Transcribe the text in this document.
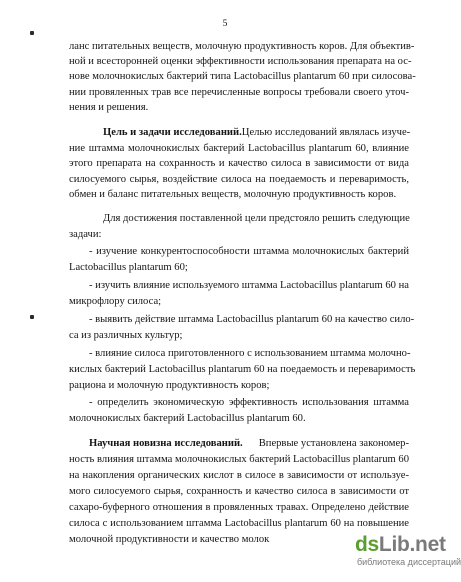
5
ланс питательных веществ, молочную продуктивность коров. Для объектив-
ной и всесторонней оценки эффективности использования препарата на ос-
нове молочнокислых бактерий типа Lactobacillus plantarum 60 при силосова-
нии провяленных трав все перечисленные вопросы требовали своего уточ-
нения и решения.
Цель и задачи исследований. Целью исследований являлась изуче-
ние штамма молочнокислых бактерий Lactobacillus plantarum 60, влияние
этого препарата на сохранность и качество силоса в зависимости от вида
силосуемого сырья, воздействие силоса на поедаемость и переваримость,
обмен и баланс питательных веществ, молочную продуктивность коров.
Для достижения поставленной цели предстояло решить следующие
задачи:
- изучение конкурентоспособности штамма молочнокислых бактерий
Lactobacillus plantarum 60;
- изучить влияние используемого штамма Lactobacillus plantarum 60 на
микрофлору силоса;
- выявить действие штамма Lactobacillus plantarum 60 на качество сило-
са из различных культур;
- влияние силоса приготовленного с использованием штамма молочно-
кислых бактерий Lactobacillus plantarum 60 на поедаемость и переваримость
рациона и молочную продуктивность коров;
- определить экономическую эффективность использования штамма
молочнокислых бактерий Lactobacillus plantarum 60.
Научная новизна исследований. Впервые установлена закономер-
ность влияния штамма молочнокислых бактерий Lactobacillus plantarum 60
на накопления органических кислот в силосе в зависимости от используе-
мого силосуемого сырья, сохранность и качество силоса в зависимости от
сахаро-буферного отношения в провяленных травах. Определено действие
силоса с использованием штамма Lactobacillus plantarum 60 на повышение
молочной продуктивности и качество молок	dsLib.net
библиотека диссертаций
